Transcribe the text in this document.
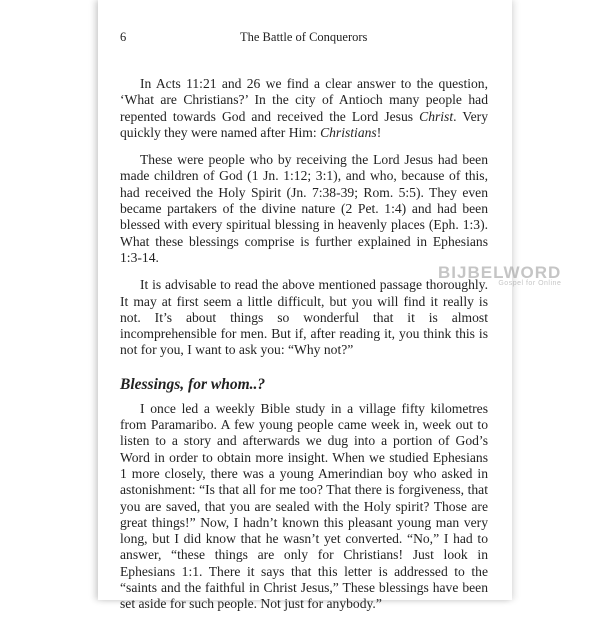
6	The Battle of Conquerors

In Acts 11:21 and 26 we find a clear answer to the question, ‘What are Christians?’ In the city of Antioch many people had repented towards God and received the Lord Jesus Christ. Very quickly they were named after Him: Christians!

These were people who by receiving the Lord Jesus had been made children of God (1 Jn. 1:12; 3:1), and who, because of this, had received the Holy Spirit (Jn. 7:38-39; Rom. 5:5). They even became partakers of the divine nature (2 Pet. 1:4) and had been blessed with every spiritual blessing in heavenly places (Eph. 1:3). What these blessings comprise is further explained in Ephesians 1:3-14.

It is advisable to read the above mentioned passage thoroughly. It may at first seem a little difficult, but you will find it really is not. It’s about things so wonderful that it is almost incomprehensible for men. But if, after reading it, you think this is not for you, I want to ask you: “Why not?”

Blessings, for whom..?

I once led a weekly Bible study in a village fifty kilometres from Paramaribo. A few young people came week in, week out to listen to a story and afterwards we dug into a portion of God’s Word in order to obtain more insight. When we studied Ephesians 1 more closely, there was a young Amerindian boy who asked in astonishment: “Is that all for me too? That there is forgiveness, that you are saved, that you are sealed with the Holy spirit? Those are great things!” Now, I hadn’t known this pleasant young man very long, but I did know that he wasn’t yet converted. “No,” I had to answer, “these things are only for Christians! Just look in Ephesians 1:1. There it says that this letter is addressed to the “saints and the faithful in Christ Jesus,” These blessings have been set aside for such people. Not just for anybody.”

BIJBELWORD
Gospel for Online
